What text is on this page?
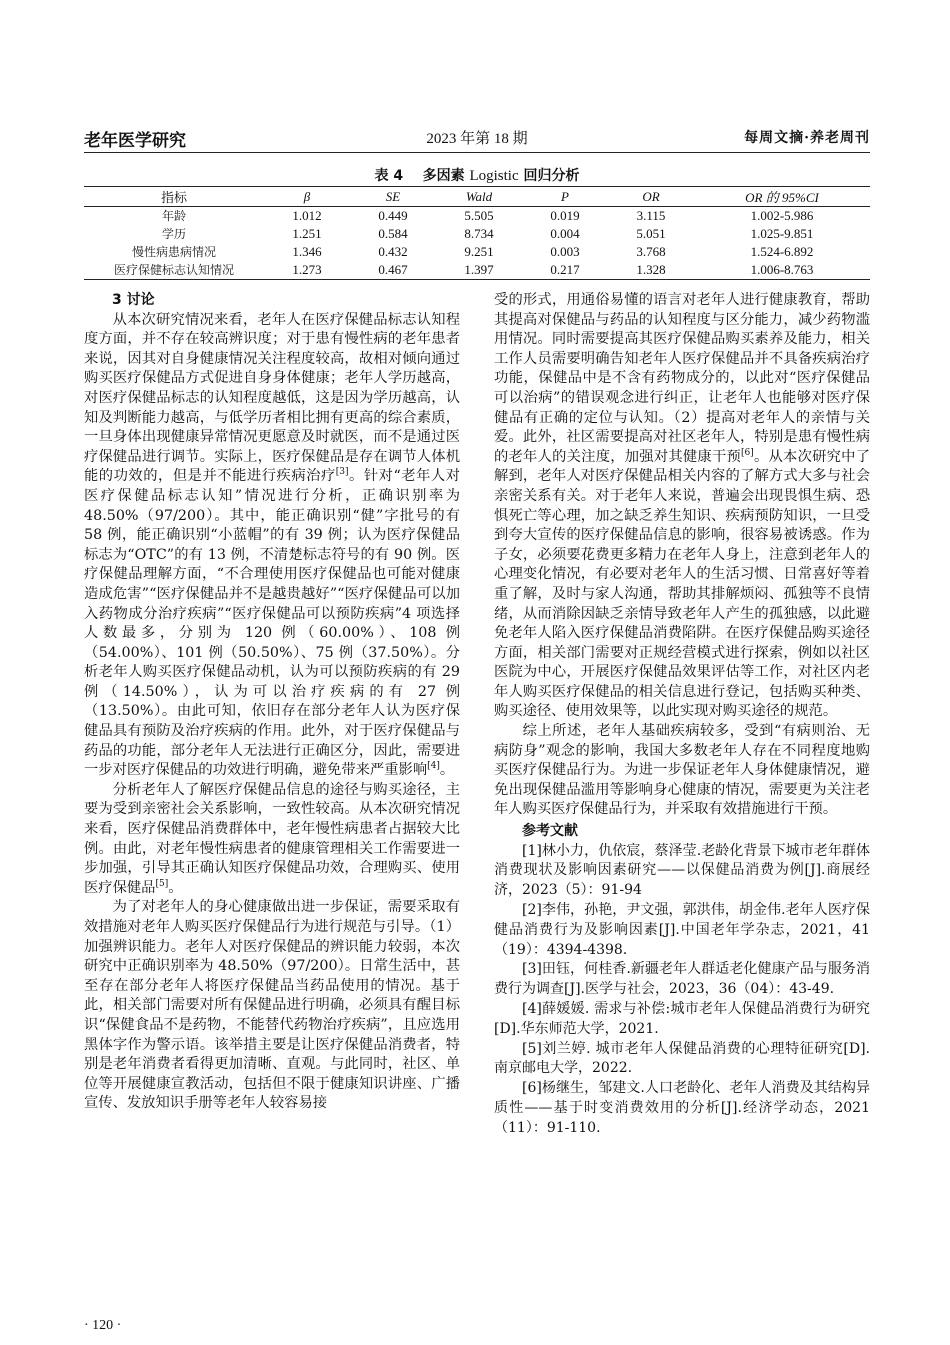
老年医学研究	2023 年第 18 期	每周文摘·养老周刊
表 4 多因素 Logistic 回归分析
指标	β	SE	Wald	P	OR	OR 的 95%CI
年龄	1.012	0.449	5.505	0.019	3.115	1.002-5.986
学历	1.251	0.584	8.734	0.004	5.051	1.025-9.851
慢性病患病情况	1.346	0.432	9.251	0.003	3.768	1.524-6.892
医疗保健标志认知情况	1.273	0.467	1.397	0.217	1.328	1.006-8.763
3 讨论

从本次研究情况来看，老年人在医疗保健品标志认知程度方面，并不存在较高辨识度；对于患有慢性病的老年患者来说，因其对自身健康情况关注程度较高，故相对倾向通过购买医疗保健品方式促进自身身体健康；老年人学历越高，对医疗保健品标志的认知程度越低，这是因为学历越高，认知及判断能力越高，与低学历者相比拥有更高的综合素质，一旦身体出现健康异常情况更愿意及时就医，而不是通过医疗保健品进行调节。实际上，医疗保健品是存在调节人体机能的功效的，但是并不能进行疾病治疗[3]。针对“老年人对医疗保健品标志认知”情况进行分析，正确识别率为 48.50%（97/200）。其中，能正确识别“健”字批号的有 58 例，能正确识别“小蓝帽”的有 39 例；认为医疗保健品标志为“OTC”的有 13 例，不清楚标志符号的有 90 例。医疗保健品理解方面，“不合理使用医疗保健品也可能对健康造成危害”“医疗保健品并不是越贵越好”“医疗保健品可以加入药物成分治疗疾病”“医疗保健品可以预防疾病”4 项选择人数最多，分别为 120 例（60.00%）、108 例（54.00%）、101 例（50.50%）、75 例（37.50%）。分析老年人购买医疗保健品动机，认为可以预防疾病的有 29 例（14.50%），认为可以治疗疾病的有 27 例（13.50%）。由此可知，依旧存在部分老年人认为医疗保健品具有预防及治疗疾病的作用。此外，对于医疗保健品与药品的功能，部分老年人无法进行正确区分，因此，需要进一步对医疗保健品的功效进行明确，避免带来严重影响[4]。

分析老年人了解医疗保健品信息的途径与购买途径，主要为受到亲密社会关系影响，一致性较高。从本次研究情况来看，医疗保健品消费群体中，老年慢性病患者占据较大比例。由此，对老年慢性病患者的健康管理相关工作需要进一步加强，引导其正确认知医疗保健品功效，合理购买、使用医疗保健品[5]。

为了对老年人的身心健康做出进一步保证，需要采取有效措施对老年人购买医疗保健品行为进行规范与引导。（1）加强辨识能力。老年人对医疗保健品的辨识能力较弱，本次研究中正确识别率为 48.50%（97/200）。日常生活中，甚至存在部分老年人将医疗保健品当药品使用的情况。基于此，相关部门需要对所有保健品进行明确，必须具有醒目标识“保健食品不是药物，不能替代药物治疗疾病”，且应选用黑体字作为警示语。该举措主要是让医疗保健品消费者，特别是老年消费者看得更加清晰、直观。与此同时，社区、单位等开展健康宣教活动，包括但不限于健康知识讲座、广播宣传、发放知识手册等老年人较容易接

受的形式，用通俗易懂的语言对老年人进行健康教育，帮助其提高对保健品与药品的认知程度与区分能力，减少药物滥用情况。同时需要提高其医疗保健品购买素养及能力，相关工作人员需要明确告知老年人医疗保健品并不具备疾病治疗功能，保健品中是不含有药物成分的，以此对“医疗保健品可以治病”的错误观念进行纠正，让老年人也能够对医疗保健品有正确的定位与认知。（2）提高对老年人的亲情与关爱。此外，社区需要提高对社区老年人，特别是患有慢性病的老年人的关注度，加强对其健康干预[6]。从本次研究中了解到，老年人对医疗保健品相关内容的了解方式大多与社会亲密关系有关。对于老年人来说，普遍会出现畏惧生病、恐惧死亡等心理，加之缺乏养生知识、疾病预防知识，一旦受到夸大宣传的医疗保健品信息的影响，很容易被诱惑。作为子女，必须要花费更多精力在老年人身上，注意到老年人的心理变化情况，有必要对老年人的生活习惯、日常喜好等着重了解，及时与家人沟通，帮助其排解烦闷、孤独等不良情绪，从而消除因缺乏亲情导致老年人产生的孤独感，以此避免老年人陷入医疗保健品消费陷阱。在医疗保健品购买途径方面，相关部门需要对正规经营模式进行探索，例如以社区医院为中心，开展医疗保健品效果评估等工作，对社区内老年人购买医疗保健品的相关信息进行登记，包括购买种类、购买途径、使用效果等，以此实现对购买途径的规范。

综上所述，老年人基础疾病较多，受到“有病则治、无病防身”观念的影响，我国大多数老年人存在不同程度地购买医疗保健品行为。为进一步保证老年人身体健康情况，避免出现保健品滥用等影响身心健康的情况，需要更为关注老年人购买医疗保健品行为，并采取有效措施进行干预。

参考文献

[1]林小力，仇依宸，蔡泽莹.老龄化背景下城市老年群体消费现状及影响因素研究——以保健品消费为例[J].商展经济，2023（5）：91-94

[2]李伟，孙艳，尹文强，郭洪伟，胡金伟.老年人医疗保健品消费行为及影响因素[J].中国老年学杂志，2021，41（19）：4394-4398.

[3]田钰，何桂香.新疆老年人群适老化健康产品与服务消费行为调查[J].医学与社会，2023，36（04）：43-49.

[4]薛媛媛. 需求与补偿:城市老年人保健品消费行为研究[D].华东师范大学，2021.

[5]刘兰婷. 城市老年人保健品消费的心理特征研究[D].南京邮电大学，2022.

[6]杨继生，邹建文.人口老龄化、老年人消费及其结构异质性——基于时变消费效用的分析[J].经济学动态，2021（11）：91-110.

· 120 ·
